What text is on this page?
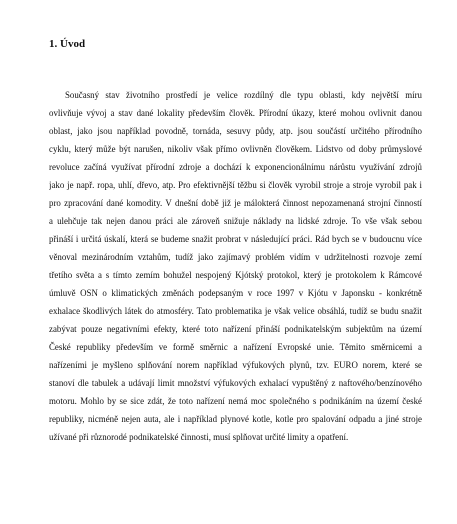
1. Úvod
Současný stav životního prostředí je velice rozdílný dle typu oblasti, kdy největší míru
ovlivňuje vývoj a stav dané lokality především člověk. Přírodní úkazy, které mohou ovlivnit danou
oblast, jako jsou například povodně, tornáda, sesuvy půdy, atp. jsou součástí určitého přírodního
cyklu, který může být narušen, nikoliv však přímo ovlivněn člověkem. Lidstvo od doby průmyslové
revoluce začíná využívat přírodní zdroje a dochází k exponencionálnímu nárůstu využívání zdrojů
jako je např. ropa, uhlí, dřevo, atp. Pro efektivnější těžbu si člověk vyrobil stroje a stroje vyrobil pak i
pro zpracování dané komodity. V dnešní době již je málokterá činnost nepozamenaná strojní činností
a ulehčuje tak nejen danou práci ale zároveň snižuje náklady na lidské zdroje. To vše však sebou
přináší i určitá úskalí, která se budeme snažit probrat v následující práci. Rád bych se v budoucnu více
věnoval mezinárodním vztahům, tudíž jako zajímavý problém vidím v udržitelnosti rozvoje zemí
třetího světa a s tímto zemím bohužel nespojený Kjótský protokol, který je protokolem k Rámcové
úmluvě OSN o klimatických změnách podepsaným v roce 1997 v Kjótu v Japonsku - konkrétně
exhalace škodlivých látek do atmosféry. Tato problematika je však velice obsáhlá, tudíž se budu snažit
zabývat pouze negativními efekty, které toto nařízení přináší podnikatelským subjektům na území
České republiky především ve formě směrnic a nařízení Evropské unie. Těmito směrnicemi a
nařízeními je myšleno splňování norem například výfukových plynů, tzv. EURO norem, které se
stanoví dle tabulek a udávají limit množství výfukových exhalací vypuštěný z naftového/benzínového
motoru. Mohlo by se sice zdát, že toto nařízení nemá moc společného s podnikáním na území české
republiky, nicméně nejen auta, ale i například plynové kotle, kotle pro spalování odpadu a jiné stroje
užívané při různorodé podnikatelské činnosti, musí splňovat určité limity a opatření.
